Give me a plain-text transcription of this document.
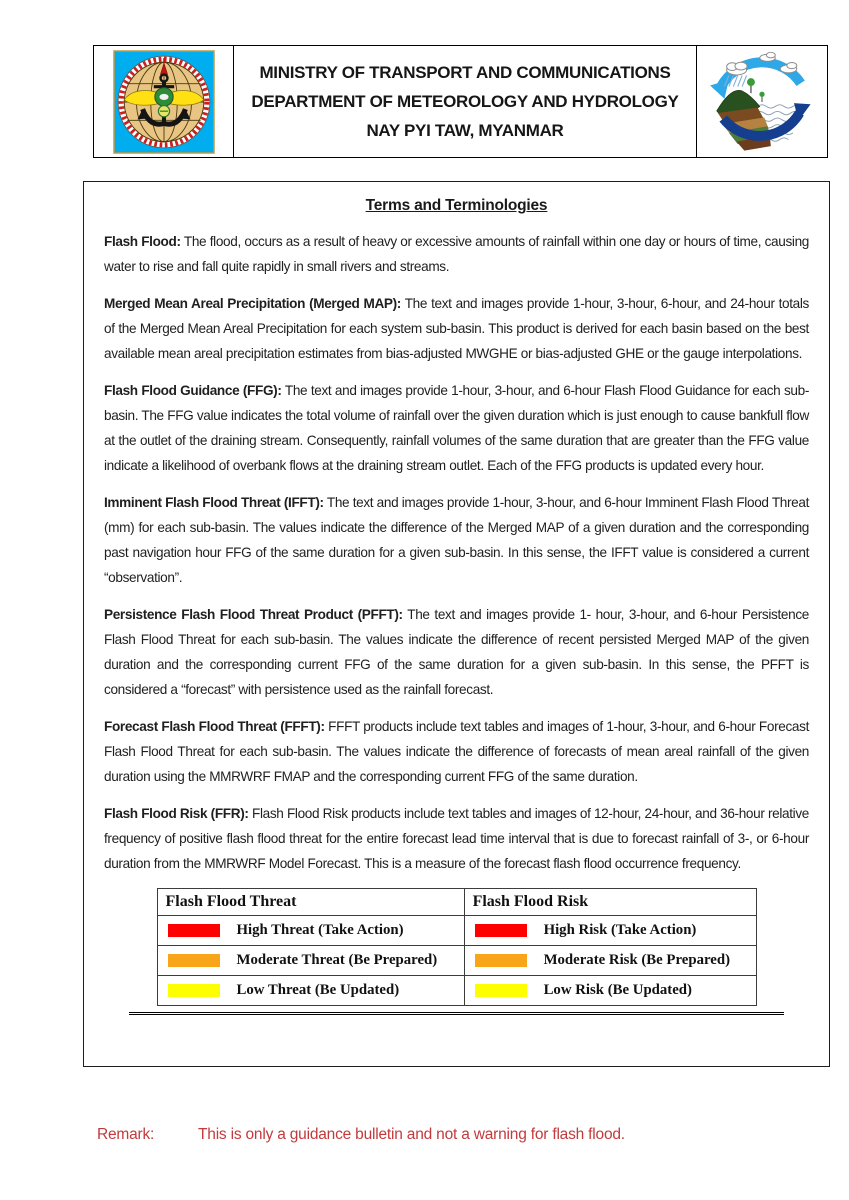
MINISTRY OF TRANSPORT AND COMMUNICATIONS
DEPARTMENT OF METEOROLOGY AND HYDROLOGY
NAY PYI TAW, MYANMAR
Terms and Terminologies

Flash Flood: The flood, occurs as a result of heavy or excessive amounts of rainfall within one day or hours of time, causing water to rise and fall quite rapidly in small rivers and streams.

Merged Mean Areal Precipitation (Merged MAP): The text and images provide 1-hour, 3-hour, 6-hour, and 24-hour totals of the Merged Mean Areal Precipitation for each system sub-basin. This product is derived for each basin based on the best available mean areal precipitation estimates from bias-adjusted MWGHE or bias-adjusted GHE or the gauge interpolations.

Flash Flood Guidance (FFG): The text and images provide 1-hour, 3-hour, and 6-hour Flash Flood Guidance for each sub-basin. The FFG value indicates the total volume of rainfall over the given duration which is just enough to cause bankfull flow at the outlet of the draining stream. Consequently, rainfall volumes of the same duration that are greater than the FFG value indicate a likelihood of overbank flows at the draining stream outlet. Each of the FFG products is updated every hour.

Imminent Flash Flood Threat (IFFT): The text and images provide 1-hour, 3-hour, and 6-hour Imminent Flash Flood Threat (mm) for each sub-basin. The values indicate the difference of the Merged MAP of a given duration and the corresponding past navigation hour FFG of the same duration for a given sub-basin. In this sense, the IFFT value is considered a current “observation”.

Persistence Flash Flood Threat Product (PFFT): The text and images provide 1- hour, 3-hour, and 6-hour Persistence Flash Flood Threat for each sub-basin. The values indicate the difference of recent persisted Merged MAP of the given duration and the corresponding current FFG of the same duration for a given sub-basin. In this sense, the PFFT is considered a “forecast” with persistence used as the rainfall forecast.

Forecast Flash Flood Threat (FFFT): FFFT products include text tables and images of 1-hour, 3-hour, and 6-hour Forecast Flash Flood Threat for each sub-basin. The values indicate the difference of forecasts of mean areal rainfall of the given duration using the MMRWRF FMAP and the corresponding current FFG of the same duration.

Flash Flood Risk (FFR): Flash Flood Risk products include text tables and images of 12-hour, 24-hour, and 36-hour relative frequency of positive flash flood threat for the entire forecast lead time interval that is due to forecast rainfall of 3-, or 6-hour duration from the MMRWRF Model Forecast. This is a measure of the forecast flash flood occurrence frequency.

Flash Flood Threat	Flash Flood Risk

High Threat (Take Action)	High Risk (Take Action)

Moderate Threat (Be Prepared)	Moderate Risk (Be Prepared)

Low Threat (Be Updated)	Low Risk (Be Updated)
Remark:	This is only a guidance bulletin and not a warning for flash flood.
